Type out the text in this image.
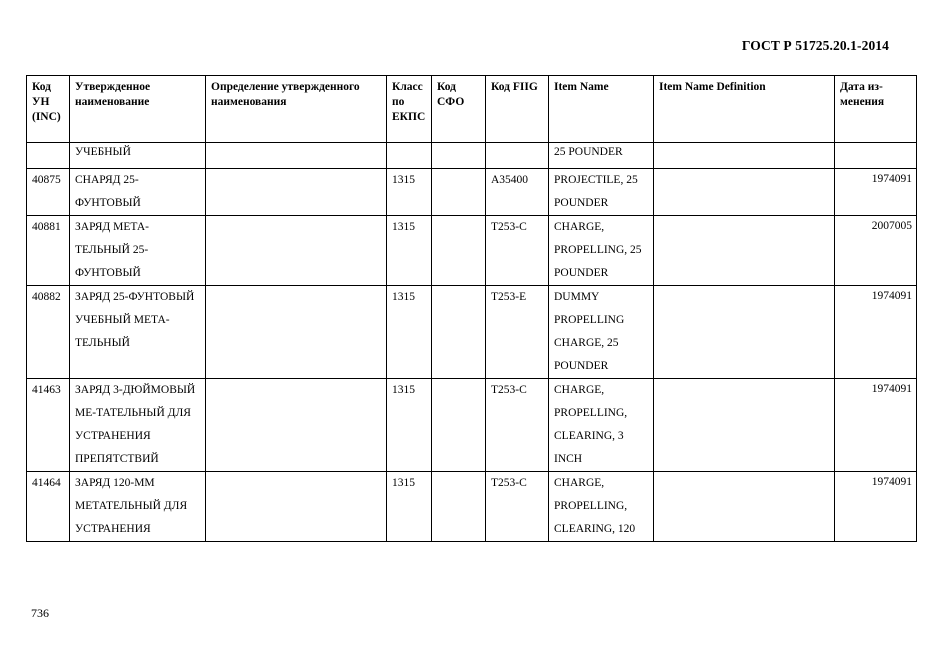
ГОСТ Р 51725.20.1-2014
Код УН (INC)	Утвержденное наименование	Определение утвержденного наименования	Класс по ЕКПС	Код СФО	Код FIIG	Item Name	Item Name Definition	Дата из-менения
	УЧЕБНЫЙ					25 POUNDER		
40875	СНАРЯД 25-ФУНТОВЫЙ		1315		A35400	PROJECTILE, 25 POUNDER		1974091
40881	ЗАРЯД МЕТА-ТЕЛЬНЫЙ 25-ФУНТОВЫЙ		1315		T253-C	CHARGE, PROPELLING, 25 POUNDER		2007005
40882	ЗАРЯД 25-ФУНТОВЫЙ УЧЕБНЫЙ МЕТА-ТЕЛЬНЫЙ		1315		T253-E	DUMMY PROPELLING CHARGE, 25 POUNDER		1974091
41463	ЗАРЯД 3-ДЮЙМОВЫЙ МЕ-ТАТЕЛЬНЫЙ ДЛЯ УСТРАНЕНИЯ ПРЕПЯТСТВИЙ		1315		T253-C	CHARGE, PROPELLING, CLEARING, 3 INCH		1974091
41464	ЗАРЯД 120-ММ МЕТАТЕЛЬНЫЙ ДЛЯ УСТРАНЕНИЯ		1315		T253-C	CHARGE, PROPELLING, CLEARING, 120		1974091
736
